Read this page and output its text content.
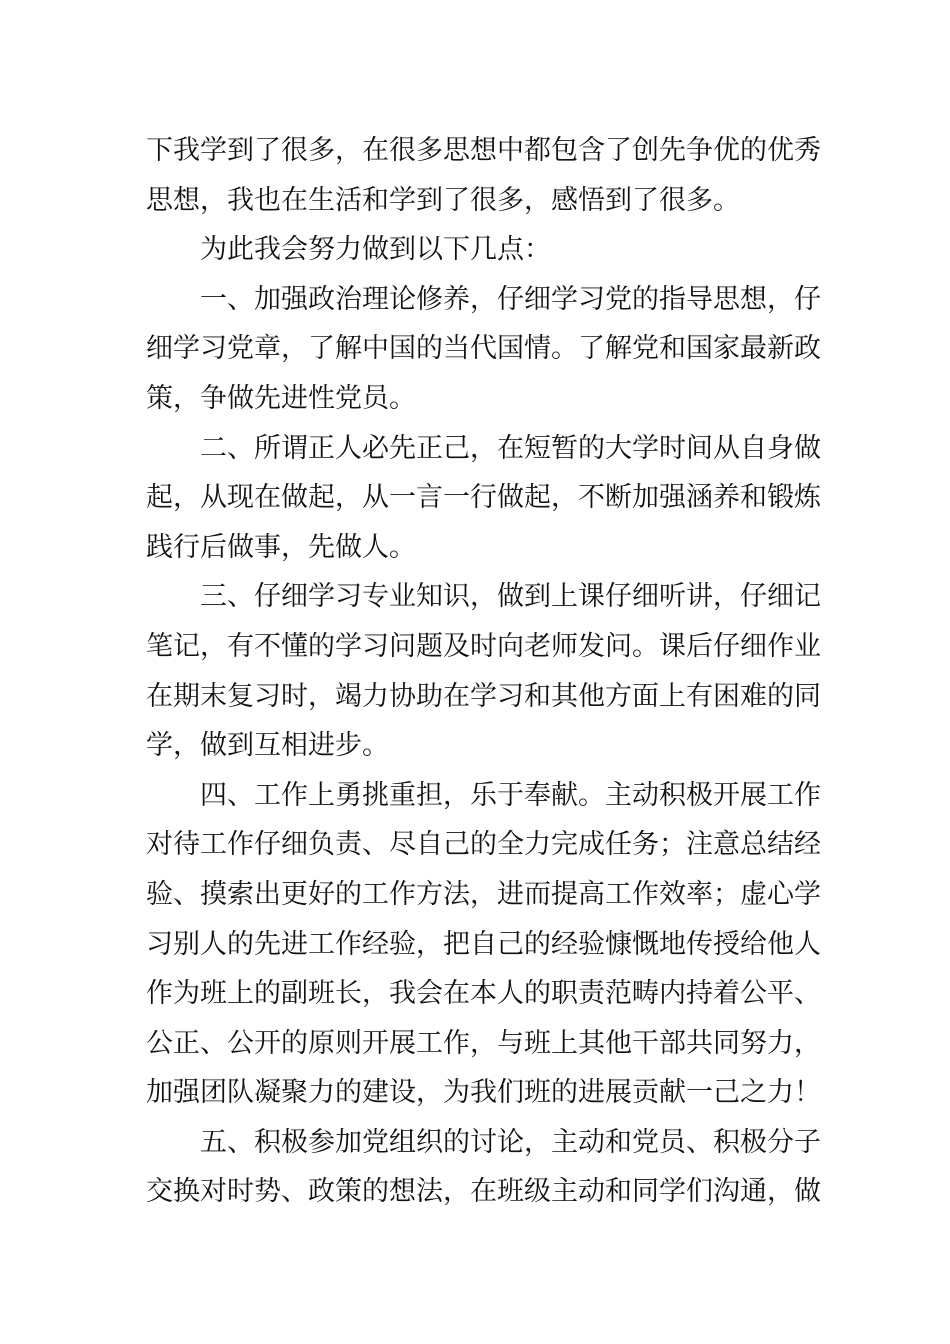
下我学到了很多，在很多思想中都包含了创先争优的优秀
思想，我也在生活和学到了很多，感悟到了很多。
为此我会努力做到以下几点：
一、加强政治理论修养，仔细学习党的指导思想，仔
细学习党章，了解中国的当代国情。了解党和国家最新政
策，争做先进性党员。
二、所谓正人必先正己，在短暂的大学时间从自身做
起，从现在做起，从一言一行做起，不断加强涵养和锻炼
践行后做事，先做人。
三、仔细学习专业知识，做到上课仔细听讲，仔细记
笔记，有不懂的学习问题及时向老师发问。课后仔细作业
在期末复习时，竭力协助在学习和其他方面上有困难的同
学，做到互相进步。
四、工作上勇挑重担，乐于奉献。主动积极开展工作
对待工作仔细负责、尽自己的全力完成任务；注意总结经
验、摸索出更好的工作方法，进而提高工作效率；虚心学
习别人的先进工作经验，把自己的经验慷慨地传授给他人
作为班上的副班长，我会在本人的职责范畴内持着公平、
公正、公开的原则开展工作，与班上其他干部共同努力，
加强团队凝聚力的建设，为我们班的进展贡献一己之力！
五、积极参加党组织的讨论，主动和党员、积极分子
交换对时势、政策的想法，在班级主动和同学们沟通，做
